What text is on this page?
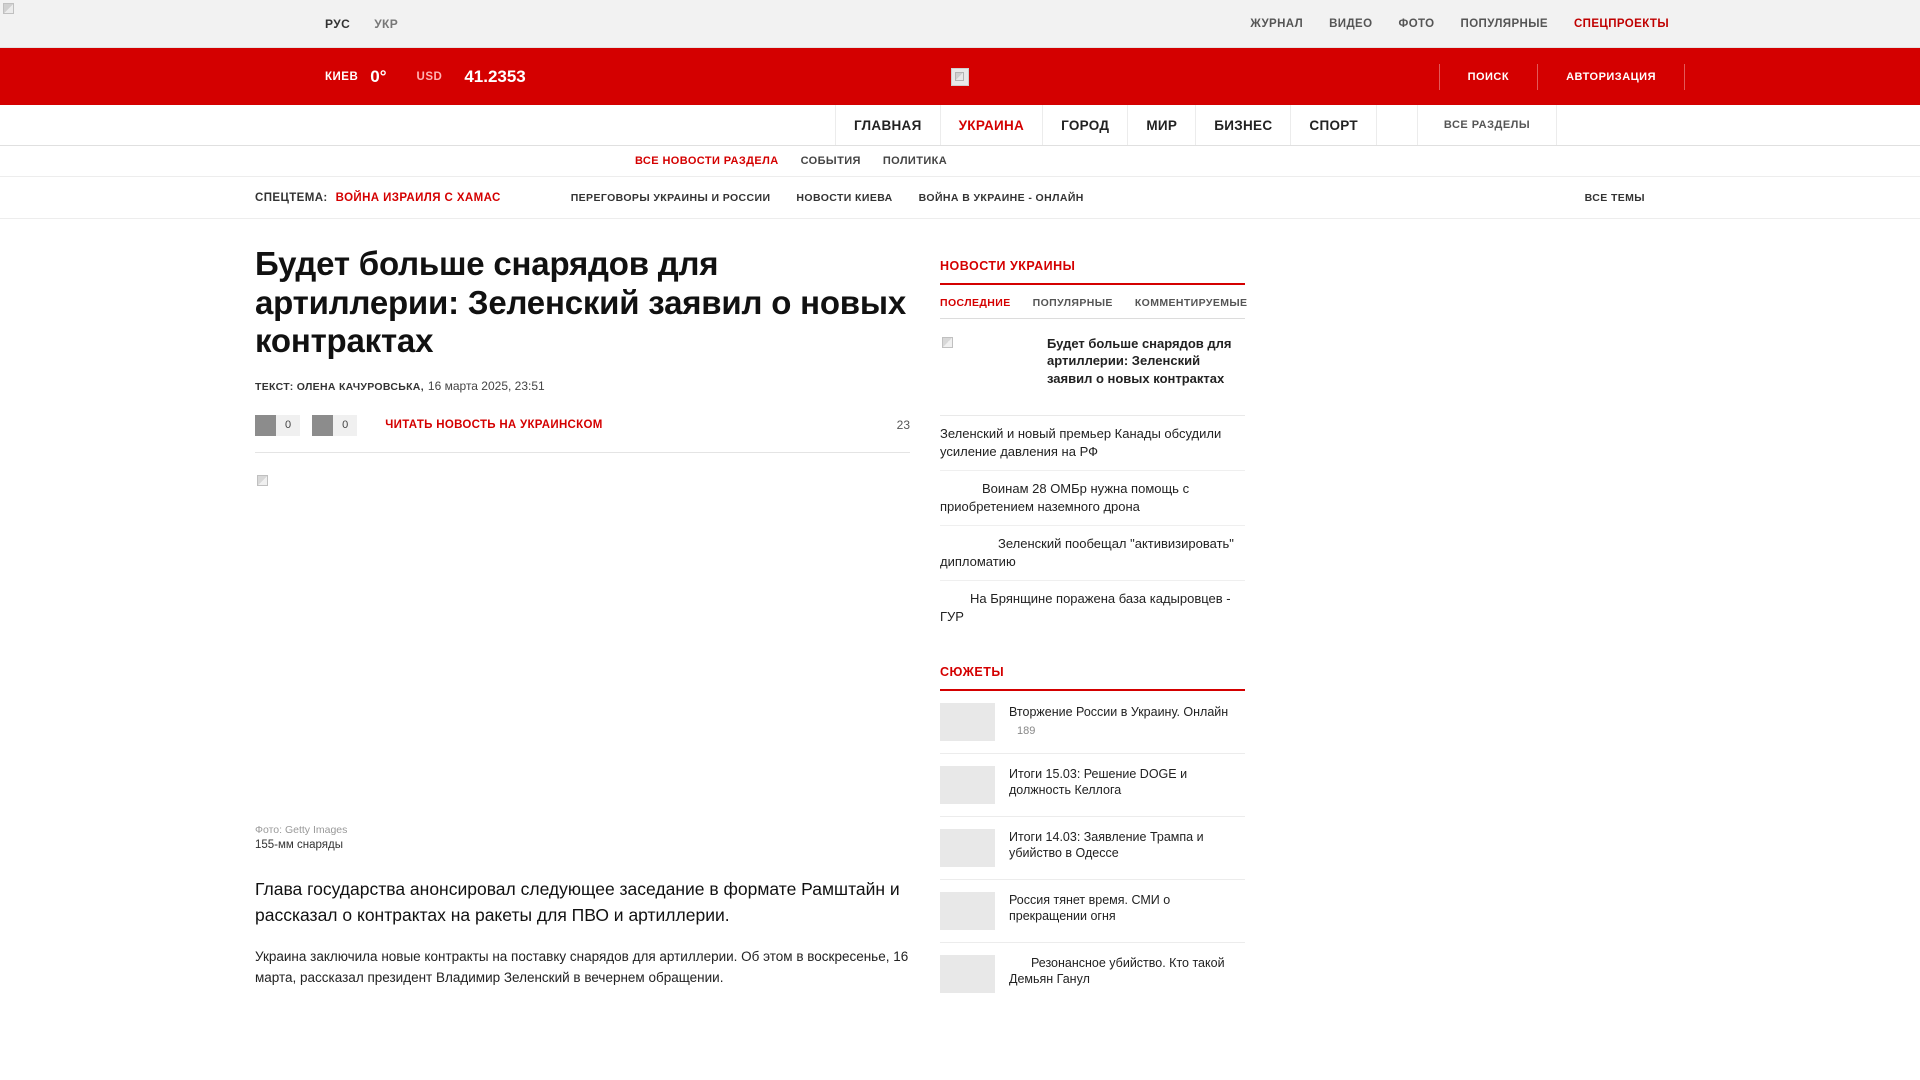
РУС УКР	ЖУРНАЛ ВИДЕО ФОТО ПОПУЛЯРНЫЕ СПЕЦПРОЕКТЫ
КИЕВ 0°	USD 41.2353	ПОИСК	АВТОРИЗАЦИЯ
ГЛАВНАЯ	УКРАИНА	ГОРОД	МИР	БИЗНЕС	СПОРТ	ВСЕ РАЗДЕЛЫ
ВСЕ НОВОСТИ РАЗДЕЛА СОБЫТИЯ ПОЛИТИКА
СПЕЦТЕМА: ВОЙНА ИЗРАИЛЯ С ХАМАС	ПЕРЕГОВОРЫ УКРАИНЫ И РОССИИ НОВОСТИ КИЕВА ВОЙНА В УКРАИНЕ - ОНЛАЙН	ВСЕ ТЕМЫ
Будет больше снарядов для артиллерии: Зеленский заявил о новых контрактах
ТЕКСТ: ОЛЕНА КАЧУРОВСЬКА, 16 марта 2025, 23:51
0	0	ЧИТАТЬ НОВОСТЬ НА УКРАИНСКОМ	23
Фото: Getty Images
155-мм снаряды

Глава государства анонсировал следующее заседание в формате Рамштайн и рассказал о контрактах на ракеты для ПВО и артиллерии.

Украина заключила новые контракты на поставку снарядов для артиллерии. Об этом в воскресенье, 16 марта, рассказал президент Владимир Зеленский в вечернем обращении.

НОВОСТИ УКРАИНЫ
ПОСЛЕДНИЕ ПОПУЛЯРНЫЕ КОММЕНТИРУЕМЫЕ
Будет больше снарядов для артиллерии: Зеленский заявил о новых контрактах
Зеленский и новый премьер Канады обсудили усиление давления на РФ
Воинам 28 ОМБр нужна помощь с приобретением наземного дрона
Зеленский пообещал "активизировать" дипломатию
На Брянщине поражена база кадыровцев - ГУР
СЮЖЕТЫ
Вторжение России в Украину. Онлайн 189
Итоги 15.03: Решение DOGE и должность Келлога
Итоги 14.03: Заявление Трампа и убийство в Одессе
Россия тянет время. СМИ о прекращении огня
Резонансное убийство. Кто такой Демьян Ганул
